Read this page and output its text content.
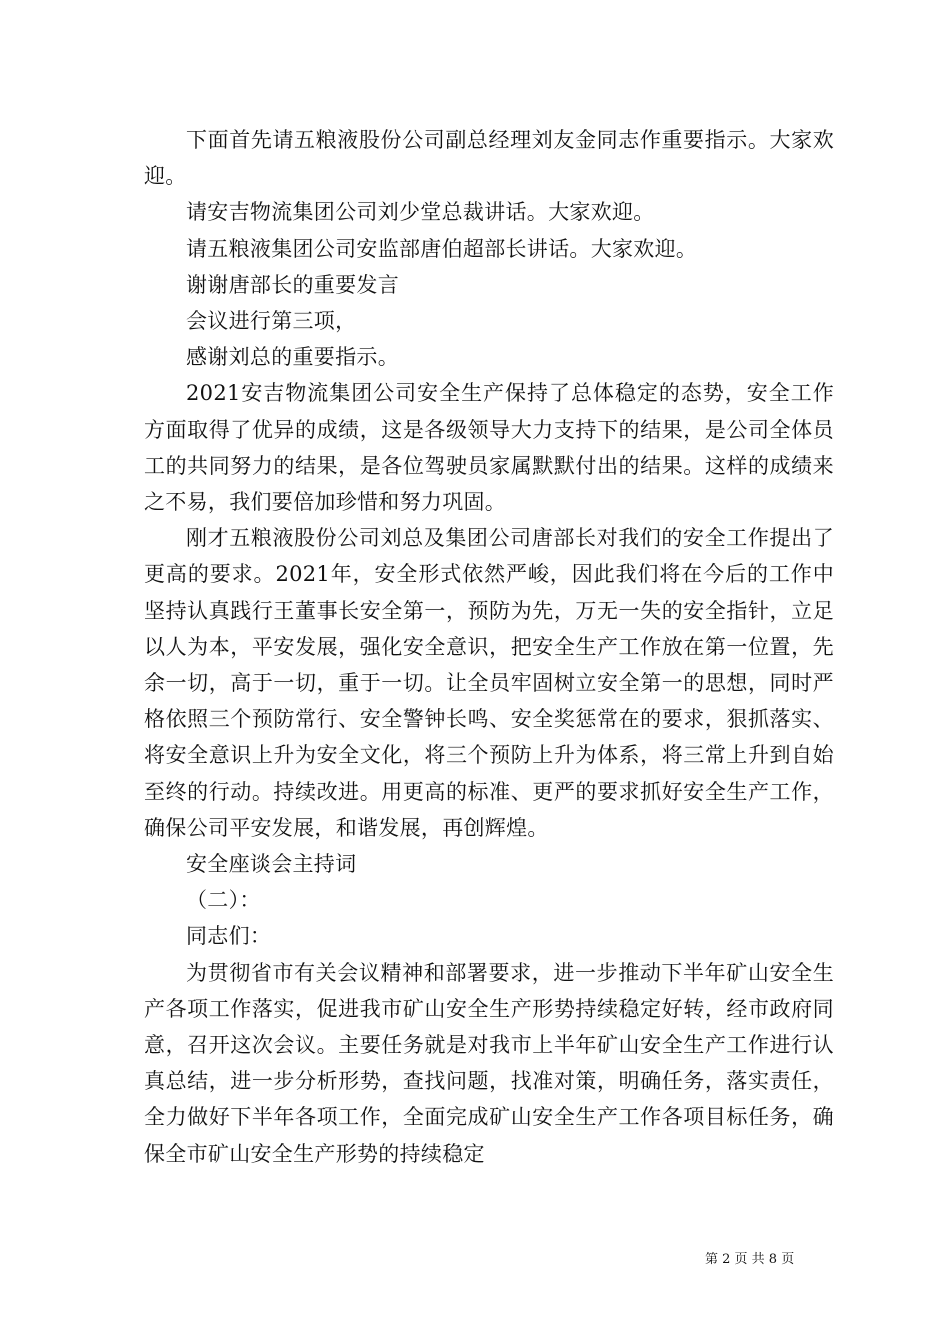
下面首先请五粮液股份公司副总经理刘友金同志作重要指示。大家欢迎。

请安吉物流集团公司刘少堂总裁讲话。大家欢迎。

请五粮液集团公司安监部唐伯超部长讲话。大家欢迎。

谢谢唐部长的重要发言

会议进行第三项，

感谢刘总的重要指示。

2021安吉物流集团公司安全生产保持了总体稳定的态势，安全工作方面取得了优异的成绩，这是各级领导大力支持下的结果，是公司全体员工的共同努力的结果，是各位驾驶员家属默默付出的结果。这样的成绩来之不易，我们要倍加珍惜和努力巩固。

刚才五粮液股份公司刘总及集团公司唐部长对我们的安全工作提出了更高的要求。2021年，安全形式依然严峻，因此我们将在今后的工作中坚持认真践行王董事长安全第一，预防为先，万无一失的安全指针，立足以人为本，平安发展，强化安全意识，把安全生产工作放在第一位置，先余一切，高于一切，重于一切。让全员牢固树立安全第一的思想，同时严格依照三个预防常行、安全警钟长鸣、安全奖惩常在的要求，狠抓落实、将安全意识上升为安全文化，将三个预防上升为体系，将三常上升到自始至终的行动。持续改进。用更高的标准、更严的要求抓好安全生产工作，确保公司平安发展，和谐发展，再创辉煌。

安全座谈会主持词

（二）：

同志们：

为贯彻省市有关会议精神和部署要求，进一步推动下半年矿山安全生产各项工作落实，促进我市矿山安全生产形势持续稳定好转，经市政府同意，召开这次会议。主要任务就是对我市上半年矿山安全生产工作进行认真总结，进一步分析形势，查找问题，找准对策，明确任务，落实责任，全力做好下半年各项工作，全面完成矿山安全生产工作各项目标任务，确保全市矿山安全生产形势的持续稳定

第 2 页 共 8 页
